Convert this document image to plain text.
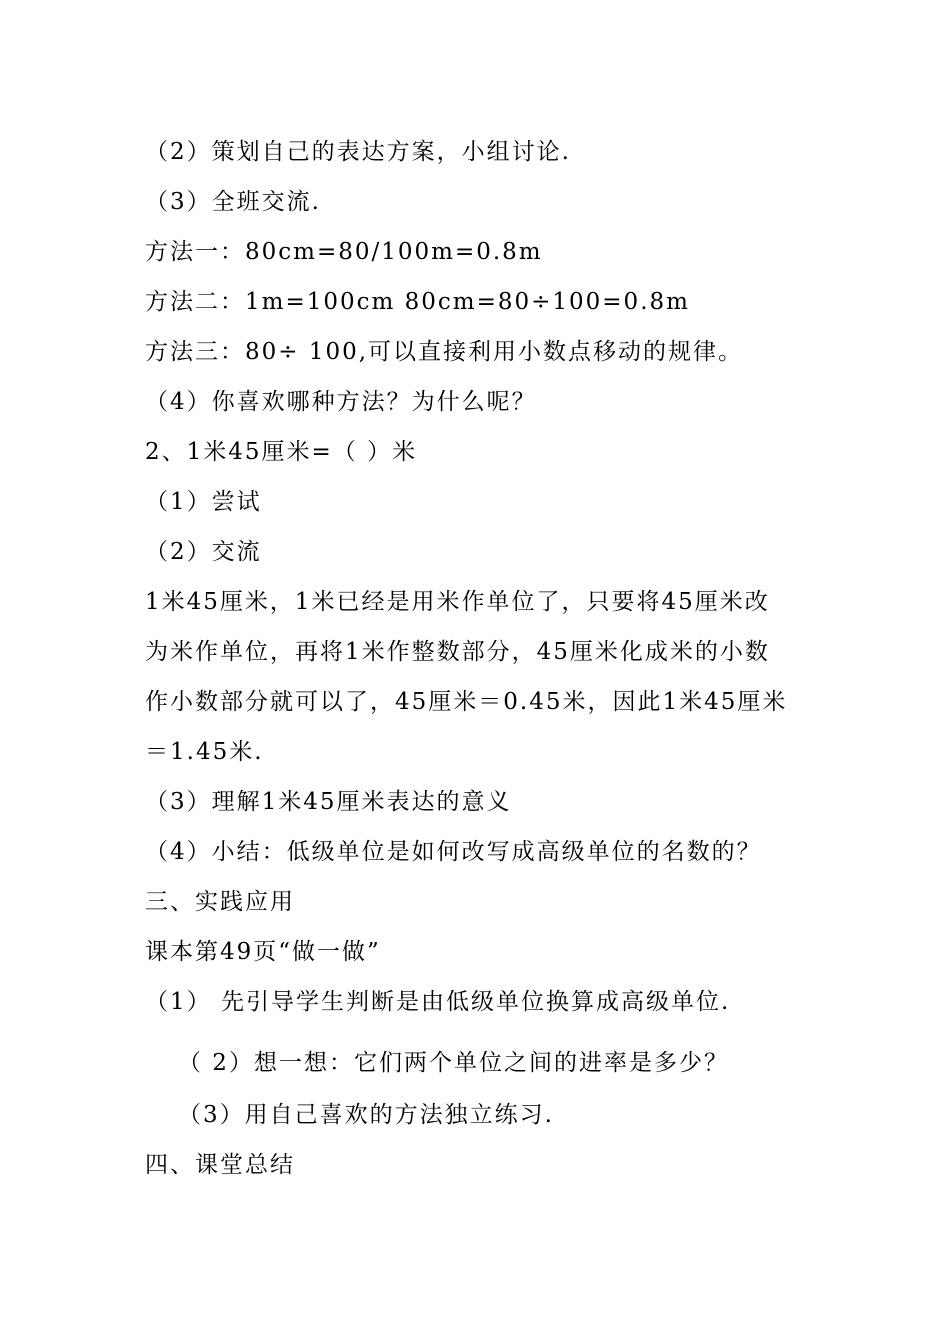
（2）策划自己的表达方案，小组讨论.
（3）全班交流.
方法一：80cm=80/100m=0.8m
方法二：1m=100cm 80cm=80÷100=0.8m
方法三：80÷ 100,可以直接利用小数点移动的规律。
（4）你喜欢哪种方法？为什么呢？
2、1米45厘米=（ ）米
（1）尝试
（2）交流
1米45厘米，1米已经是用米作单位了，只要将45厘米改
为米作单位，再将1米作整数部分，45厘米化成米的小数
作小数部分就可以了，45厘米＝0.45米，因此1米45厘米
＝1.45米.
（3）理解1米45厘米表达的意义
（4）小结：低级单位是如何改写成高级单位的名数的？
三、实践应用
课本第49页“做一做”
（1） 先引导学生判断是由低级单位换算成高级单位.
（ 2）想一想：它们两个单位之间的进率是多少？
（3）用自己喜欢的方法独立练习.
四、课堂总结
